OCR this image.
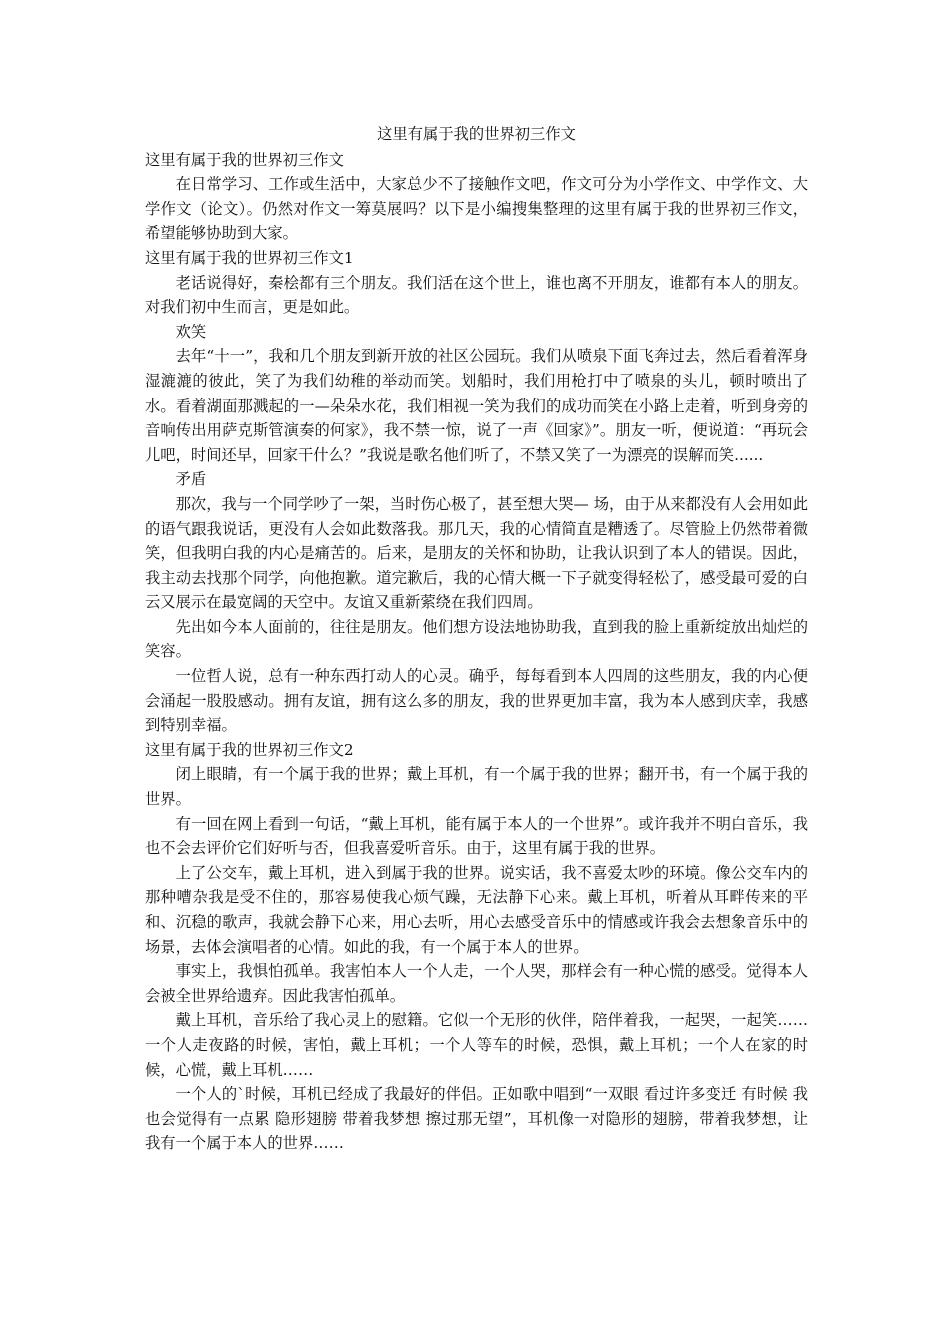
这里有属于我的世界初三作文

这里有属于我的世界初三作文

在日常学习、工作或生活中，大家总少不了接触作文吧，作文可分为小学作文、中学作文、大学作文（论文）。仍然对作文一筹莫展吗？以下是小编搜集整理的这里有属于我的世界初三作文，希望能够协助到大家。

这里有属于我的世界初三作文1

老话说得好，秦桧都有三个朋友。我们活在这个世上，谁也离不开朋友，谁都有本人的朋友。对我们初中生而言，更是如此。

欢笑

去年“十一”，我和几个朋友到新开放的社区公园玩。我们从喷泉下面飞奔过去，然后看着浑身湿漉漉的彼此，笑了为我们幼稚的举动而笑。划船时，我们用枪打中了喷泉的头儿，顿时喷出了水。看着湖面那溅起的一—朵朵水花，我们相视一笑为我们的成功而笑在小路上走着，听到身旁的音响传出用萨克斯管演奏的何家》，我不禁一惊，说了一声《回家》”。朋友一听，便说道：“再玩会儿吧，时间还早，回家干什么？”我说是歌名他们听了，不禁又笑了一为漂亮的误解而笑......

矛盾

那次，我与一个同学吵了一架，当时伤心极了，甚至想大哭— 场，由于从来都没有人会用如此的语气跟我说话，更没有人会如此数落我。那几天，我的心情简直是糟透了。尽管脸上仍然带着微笑，但我明白我的内心是痛苦的。后来，是朋友的关怀和协助，让我认识到了本人的错误。因此，我主动去找那个同学，向他抱歉。道完歉后，我的心情大概一下子就变得轻松了，感受最可爱的白云又展示在最宽阔的天空中。友谊又重新萦绕在我们四周。

先出如今本人面前的，往往是朋友。他们想方设法地协助我，直到我的脸上重新绽放出灿烂的笑容。

一位哲人说，总有一种东西打动人的心灵。确乎，每每看到本人四周的这些朋友，我的内心便会涌起一股股感动。拥有友谊，拥有这么多的朋友，我的世界更加丰富，我为本人感到庆幸，我感到特别幸福。

这里有属于我的世界初三作文2

闭上眼睛，有一个属于我的世界；戴上耳机，有一个属于我的世界；翻开书，有一个属于我的世界。

有一回在网上看到一句话，“戴上耳机，能有属于本人的一个世界”。或许我并不明白音乐，我也不会去评价它们好听与否，但我喜爱听音乐。由于，这里有属于我的世界。

上了公交车，戴上耳机，进入到属于我的世界。说实话，我不喜爱太吵的环境。像公交车内的那种嘈杂我是受不住的，那容易使我心烦气躁，无法静下心来。戴上耳机，听着从耳畔传来的平和、沉稳的歌声，我就会静下心来，用心去听，用心去感受音乐中的情感或许我会去想象音乐中的场景，去体会演唱者的心情。如此的我，有一个属于本人的世界。

事实上，我惧怕孤单。我害怕本人一个人走，一个人哭，那样会有一种心慌的感受。觉得本人会被全世界给遗弃。因此我害怕孤单。

戴上耳机，音乐给了我心灵上的慰籍。它似一个无形的伙伴，陪伴着我，一起哭，一起笑……一个人走夜路的时候，害怕，戴上耳机；一个人等车的时候，恐惧，戴上耳机；一个人在家的时候，心慌，戴上耳机……

一个人的`时候，耳机已经成了我最好的伴侣。正如歌中唱到“一双眼 看过许多变迁 有时候 我也会觉得有一点累 隐形翅膀 带着我梦想 擦过那无望”，耳机像一对隐形的翅膀，带着我梦想，让我有一个属于本人的世界……
